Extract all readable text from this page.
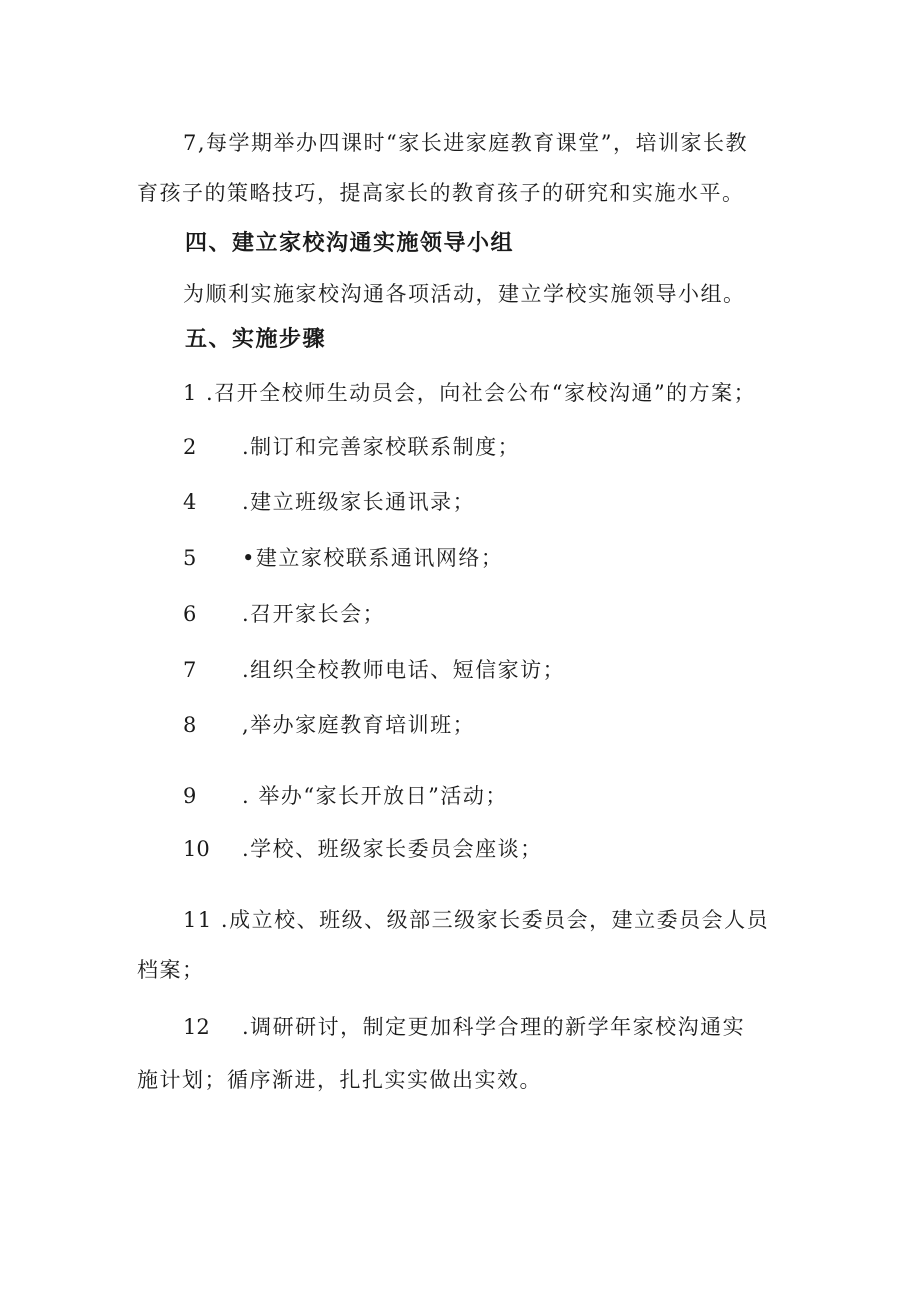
7,每学期举办四课时“家长进家庭教育课堂”，培训家长教
育孩子的策略技巧，提高家长的教育孩子的研究和实施水平。
四、建立家校沟通实施领导小组
为顺利实施家校沟通各项活动，建立学校实施领导小组。
五、实施步骤
1 .召开全校师生动员会，向社会公布“家校沟通”的方案；
2 .制订和完善家校联系制度；
4 .建立班级家长通讯录；
5 •建立家校联系通讯网络；
6 .召开家长会；
7 .组织全校教师电话、短信家访；
8 ,举办家庭教育培训班；
9 . 举办“家长开放日”活动；
10 .学校、班级家长委员会座谈；
11 .成立校、班级、级部三级家长委员会，建立委员会人员
档案；
12 .调研研讨，制定更加科学合理的新学年家校沟通实
施计划；循序渐进，扎扎实实做出实效。
